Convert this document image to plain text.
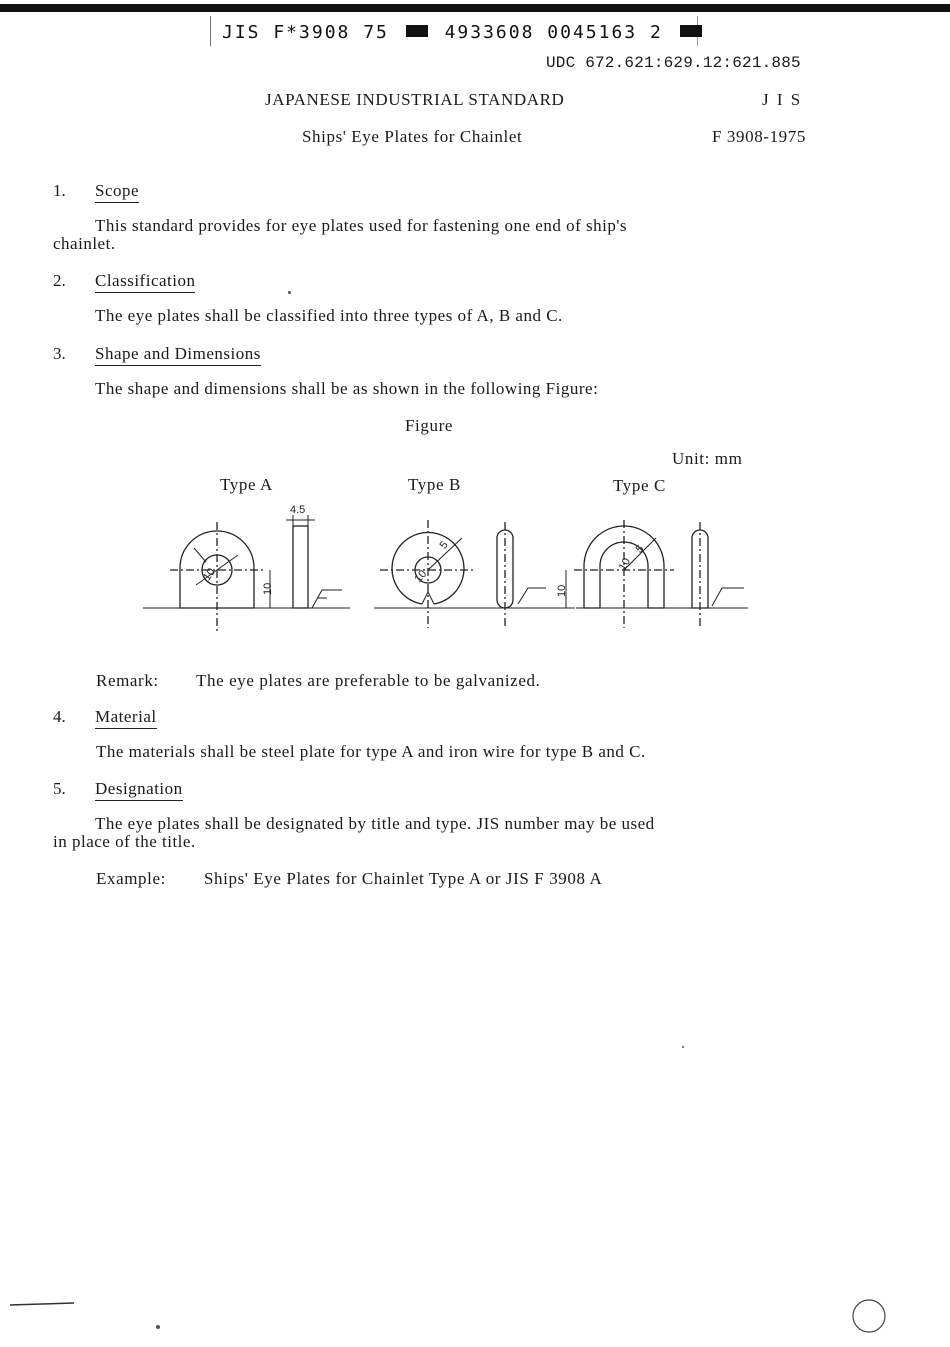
JIS F*3908 75	4933608 0045163 2
UDC 672.621:629.12:621.885
JAPANESE INDUSTRIAL STANDARD	J I S
Ships' Eye Plates for Chainlet	F 3908-1975
1. Scope
This standard provides for eye plates used for fastening one end of ship's
chainlet.
2. Classification
The eye plates shall be classified into three types of A, B and C.
3. Shape and Dimensions
The shape and dimensions shall be as shown in the following Figure:
Figure
Unit: mm
Type A	Type B	Type C
4.5
10
10
5
10
10
5
10
Remark: The eye plates are preferable to be galvanized.
4. Material
The materials shall be steel plate for type A and iron wire for type B and C.
5. Designation
The eye plates shall be designated by title and type. JIS number may be used
in place of the title.
Example: Ships' Eye Plates for Chainlet Type A or JIS F 3908 A
